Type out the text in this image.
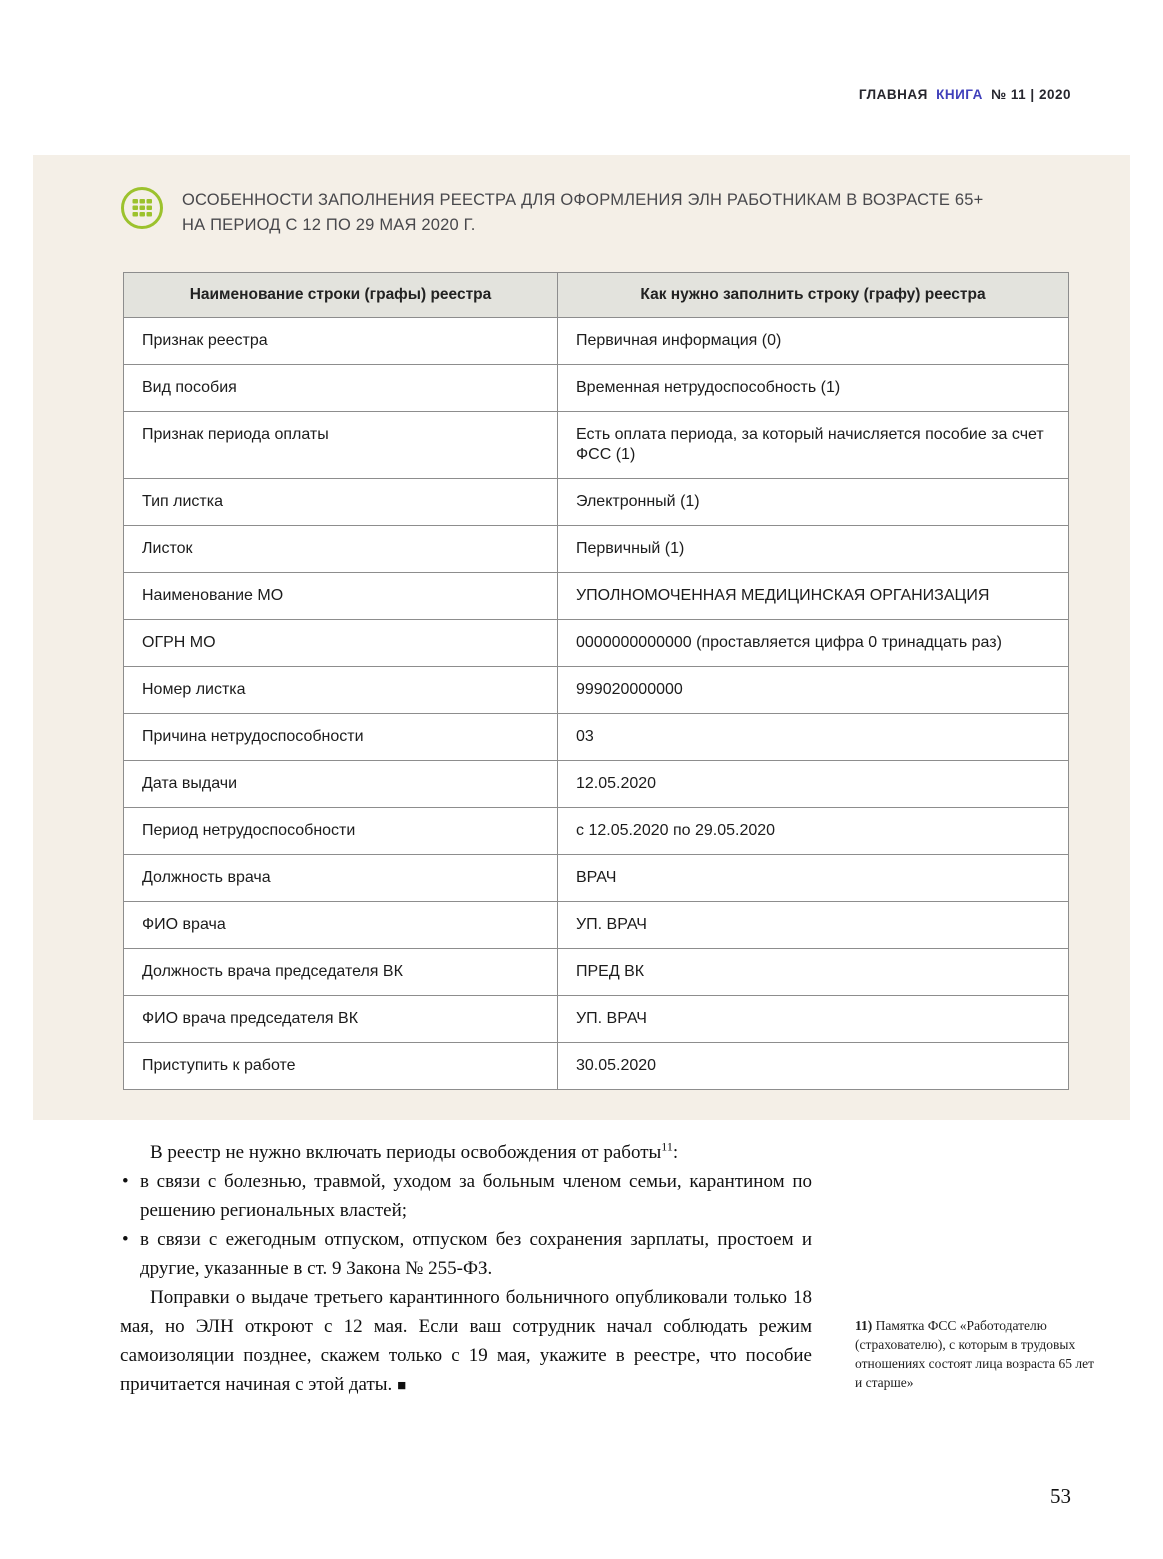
ГЛАВНАЯ КНИГА № 11 | 2020
ОСОБЕННОСТИ ЗАПОЛНЕНИЯ РЕЕСТРА ДЛЯ ОФОРМЛЕНИЯ ЭЛН РАБОТНИКАМ В ВОЗРАСТЕ 65+
НА ПЕРИОД С 12 ПО 29 МАЯ 2020 Г.
Наименование строки (графы) реестра	Как нужно заполнить строку (графу) реестра
Признак реестра	Первичная информация (0)
Вид пособия	Временная нетрудоспособность (1)
Признак периода оплаты	Есть оплата периода, за который начисляется пособие за счет ФСС (1)
Тип листка	Электронный (1)
Листок	Первичный (1)
Наименование МО	УПОЛНОМОЧЕННАЯ МЕДИЦИНСКАЯ ОРГАНИЗАЦИЯ
ОГРН МО	0000000000000 (проставляется цифра 0 тринадцать раз)
Номер листка	999020000000
Причина нетрудоспособности	03
Дата выдачи	12.05.2020
Период нетрудоспособности	с 12.05.2020 по 29.05.2020
Должность врача	ВРАЧ
ФИО врача	УП. ВРАЧ
Должность врача председателя ВК	ПРЕД ВК
ФИО врача председателя ВК	УП. ВРАЧ
Приступить к работе	30.05.2020

В реестр не нужно включать периоды освобождения от работы$^{11}$:

• в связи с болезнью, травмой, уходом за больным членом семьи, карантином по решению региональных властей;
• в связи с ежегодным отпуском, отпуском без сохранения зарплаты, простоем и другие, указанные в ст. 9 Закона № 255-ФЗ.

Поправки о выдаче третьего карантинного больничного опубликовали только 18 мая, но ЭЛН откроют с 12 мая. Если ваш сотрудник начал соблюдать режим самоизоляции позднее, скажем только с 19 мая, укажите в реестре, что пособие причитается начиная с этой даты. ■

11) Памятка ФСС «Работодателю (страхователю), с которым в трудовых отношениях состоят лица возраста 65 лет и старше»
53
